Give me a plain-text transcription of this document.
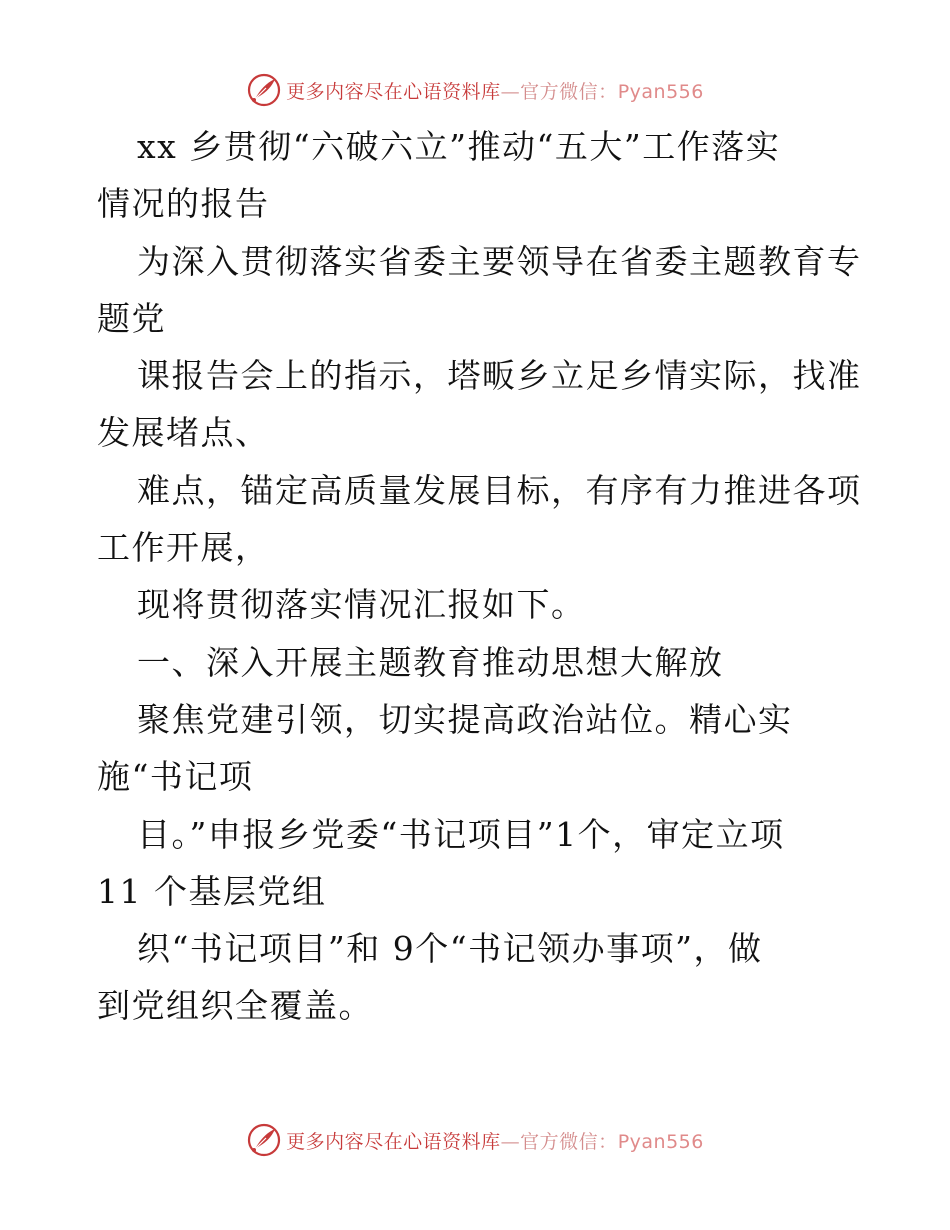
更多内容尽在心语资料库—官方微信：Pyan556
xx 乡贯彻“六破六立”推动“五大”工作落实
情况的报告
为深入贯彻落实省委主要领导在省委主题教育专
题党
课报告会上的指示，塔畈乡立足乡情实际，找准
发展堵点、
难点，锚定高质量发展目标，有序有力推进各项
工作开展，
现将贯彻落实情况汇报如下。
一、深入开展主题教育推动思想大解放
聚焦党建引领，切实提高政治站位。精心实
施“书记项
目。”申报乡党委“书记项目”1个，审定立项
11 个基层党组
织“书记项目”和 9个“书记领办事项”，做
到党组织全覆盖。
更多内容尽在心语资料库—官方微信：Pyan556
